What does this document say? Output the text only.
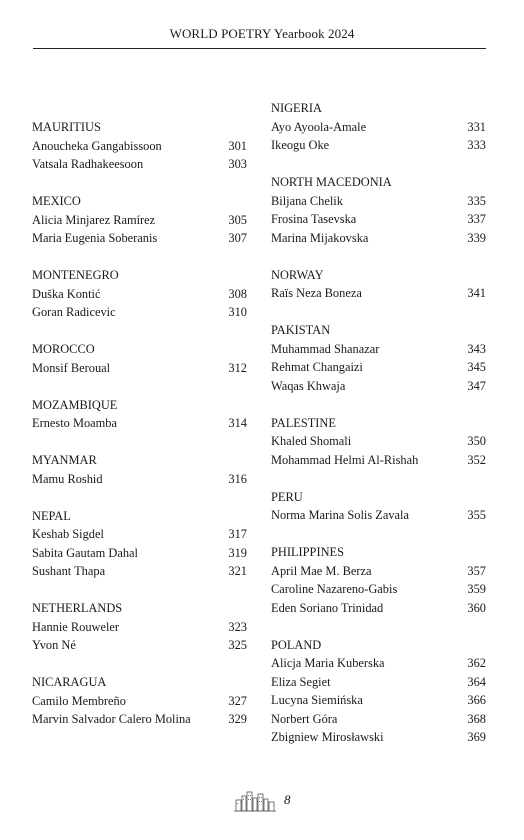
WORLD POETRY Yearbook 2024
MAURITIUS
Anoucheka Gangabissoon	301
Vatsala Radhakeesoon	303
MEXICO
Alicia Minjarez Ramírez	305
Maria Eugenia Soberanis	307
MONTENEGRO
Duška Kontić	308
Goran Radicevic	310
MOROCCO
Monsif Beroual	312
MOZAMBIQUE
Ernesto Moamba	314
MYANMAR
Mamu Roshid	316
NEPAL
Keshab Sigdel	317
Sabita Gautam Dahal	319
Sushant Thapa	321
NETHERLANDS
Hannie Rouweler	323
Yvon Né	325
NICARAGUA
Camilo Membreño	327
Marvin Salvador Calero Molina	329
NIGERIA
Ayo Ayoola-Amale	331
Ikeogu Oke	333
NORTH MACEDONIA
Biljana Chelik	335
Frosina Tasevska	337
Marina Mijakovska	339
NORWAY
Raïs Neza Boneza	341
PAKISTAN
Muhammad Shanazar	343
Rehmat Changaizi	345
Waqas Khwaja	347
PALESTINE
Khaled Shomali	350
Mohammad Helmi Al-Rishah	352
PERU
Norma Marina Solis Zavala	355
PHILIPPINES
April Mae M. Berza	357
Caroline Nazareno-Gabis	359
Eden Soriano Trinidad	360
POLAND
Alicja Maria Kuberska	362
Eliza Segiet	364
Lucyna Siemińska	366
Norbert Góra	368
Zbigniew Mirosławski	369
8
